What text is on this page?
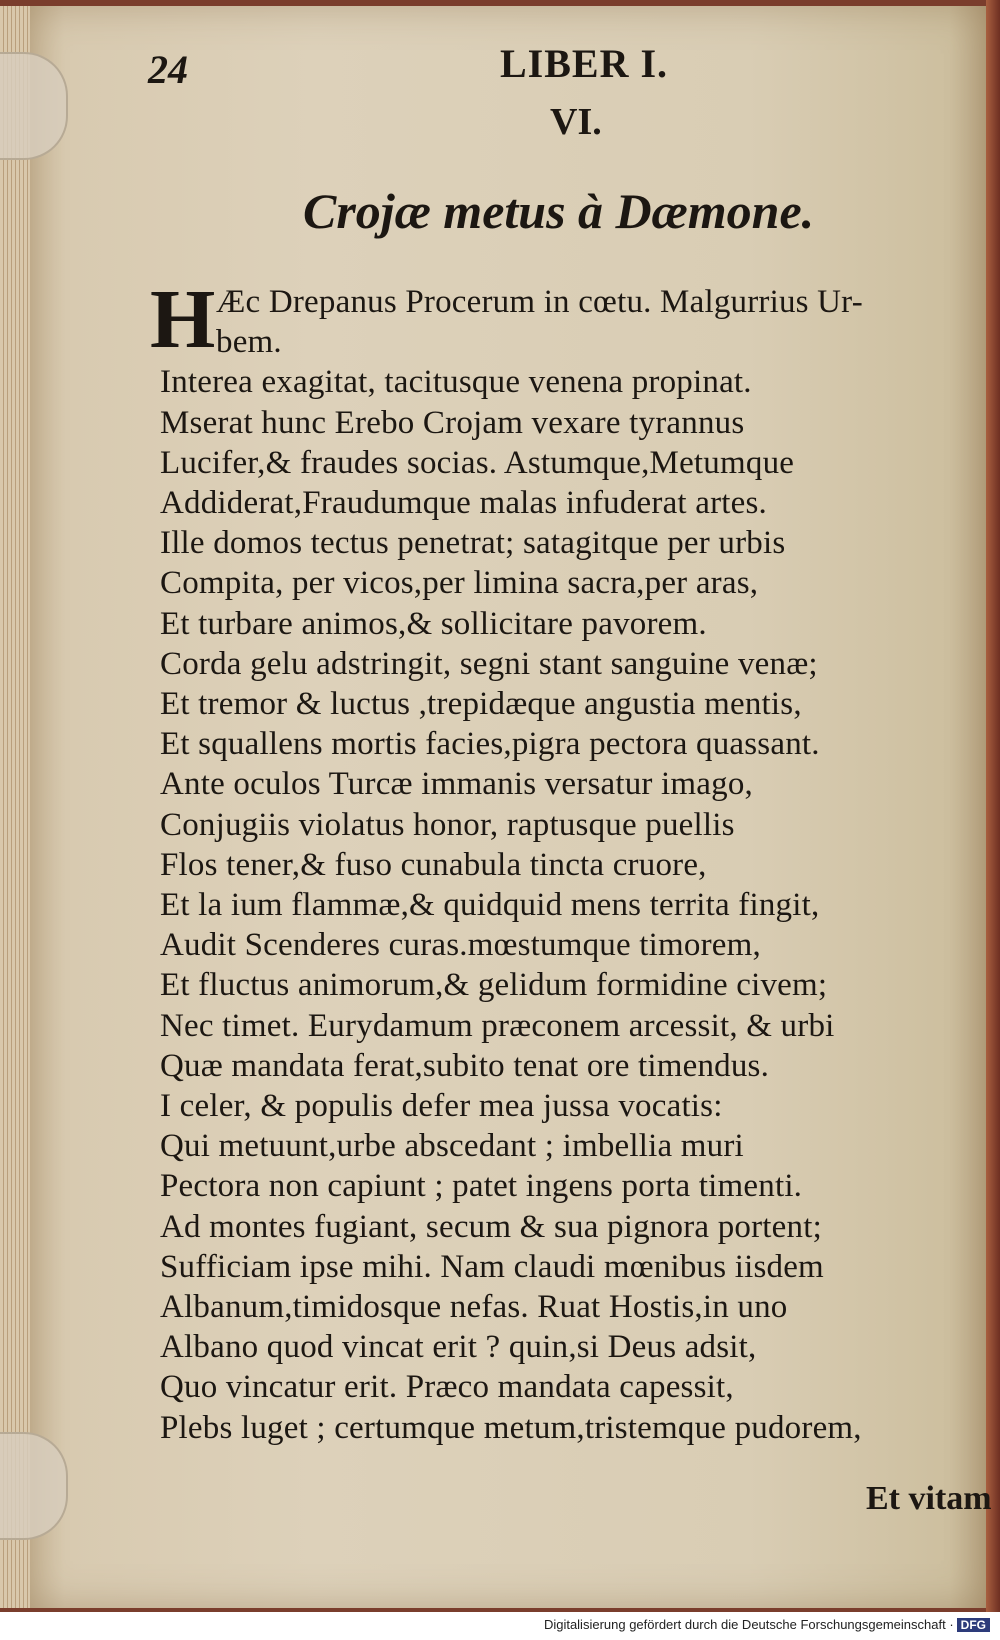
24	LIBER I.
VI.
Crojæ metus à Dæmone.
H Æc Drepanus Procerum in cœtu. Malgurrius Ur-
bem.
Interea exagitat, tacitusque venena propinat.
Mserat hunc Erebo Crojam vexare tyrannus
Lucifer,& fraudes socias. Astumque,Metumque
Addiderat,Fraudumque malas infuderat artes.
Ille domos tectus penetrat; satagitque per urbis
Compita, per vicos,per limina sacra,per aras,
Et turbare animos,& sollicitare pavorem.
Corda gelu adstringit, segni stant sanguine venæ;
Et tremor & luctus ,trepidæque angustia mentis,
Et squallens mortis facies,pigra pectora quassant.
Ante oculos Turcæ immanis versatur imago,
Conjugiis violatus honor, raptusque puellis
Flos tener,& fuso cunabula tincta cruore,
Et la ium flammæ,& quidquid mens territa fingit,
Audit Scenderes curas.mœstumque timorem,
Et fluctus animorum,& gelidum formidine civem;
Nec timet. Eurydamum præconem arcessit, & urbi
Quæ mandata ferat,subito tenat ore timendus.
I celer, & populis defer mea jussa vocatis:
Qui metuunt,urbe abscedant ; imbellia muri
Pectora non capiunt ; patet ingens porta timenti.
Ad montes fugiant, secum & sua pignora portent;
Sufficiam ipse mihi. Nam claudi mœnibus iisdem
Albanum,timidosque nefas. Ruat Hostis,in uno
Albano quod vincat erit ? quin,si Deus adsit,
Quo vincatur erit. Præco mandata capessit,
Plebs luget ; certumque metum,tristemque pudorem,
Et vitam
Digitalisierung gefördert durch die Deutsche Forschungsgemeinschaft · DFG
